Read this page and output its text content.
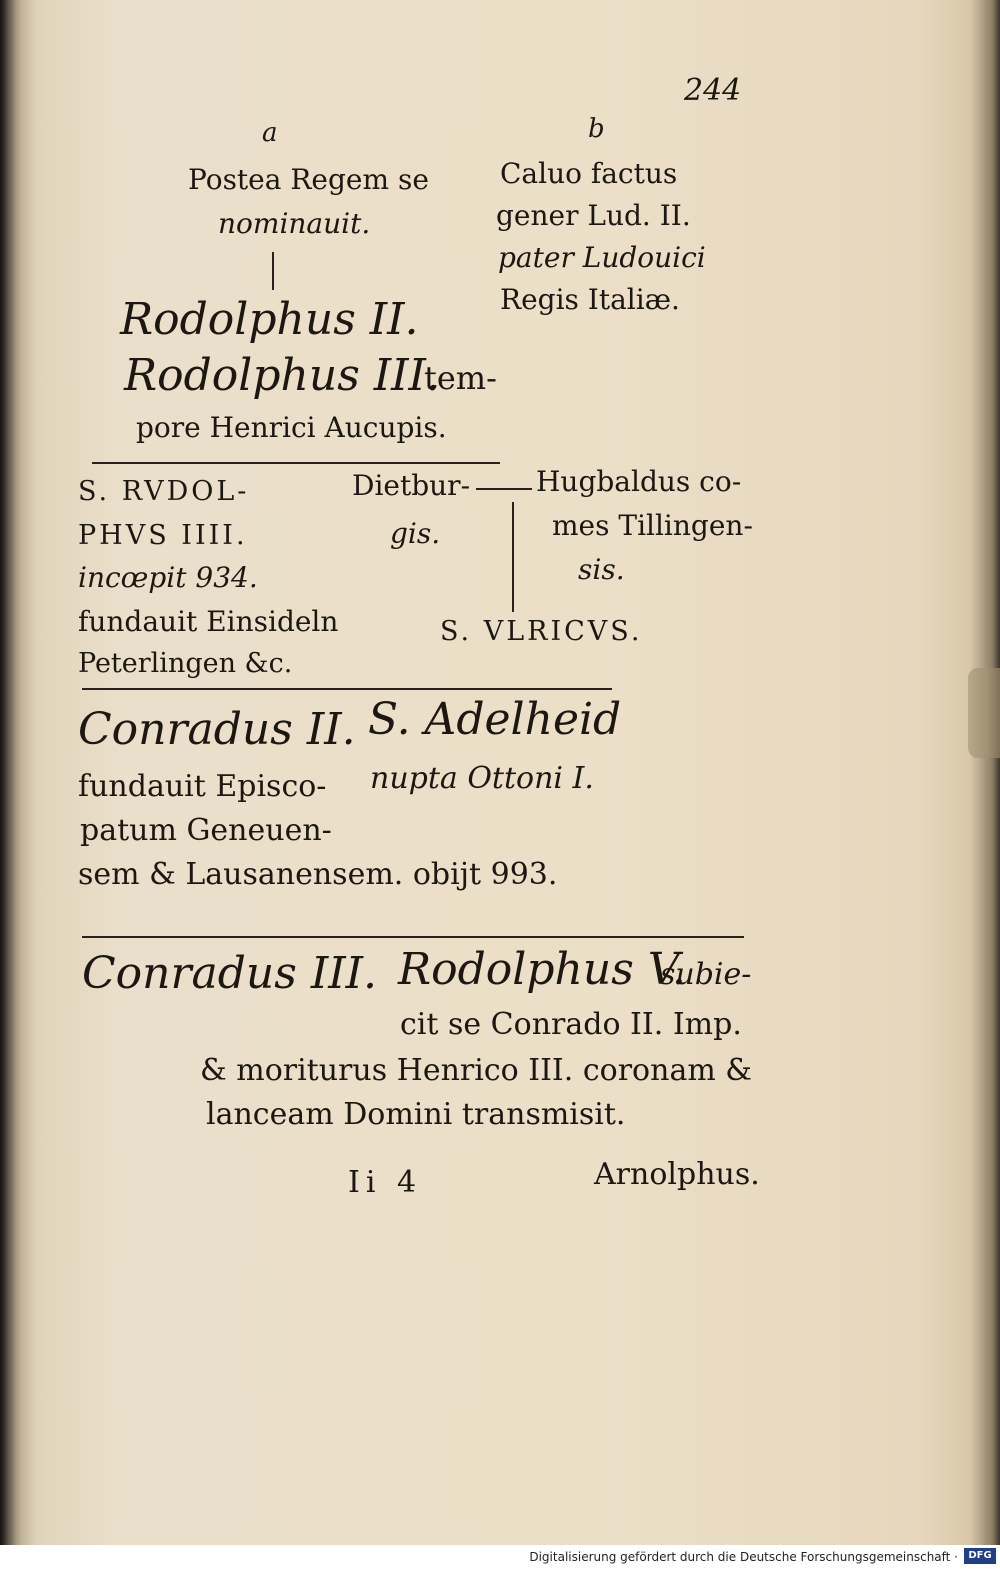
244
a	b
Postea Regem se
nominauit.
Caluo factus
gener Lud. II.
pater Ludouici
Regis Italiæ.
Rodolphus II.
Rodolphus III.
tem-
pore Henrici Aucupis.
S. RVDOL-
PHVS IIII.
incœpit 934.
fundauit Einsideln
Peterlingen &c.
Dietbur-
gis.
Hugbaldus co-
mes Tillingen-
sis.
S. VLRICVS.
Conradus II. S. Adelheid
fundauit Episco-
patum Geneuen-
sem & Lausanensem. obijt 993.
nupta Ottoni I.
Conradus III. Rodolphus V.
subie-
cit se Conrado II. Imp.
& moriturus Henrico III. coronam &
lanceam Domini transmisit.
Ii 4	Arnolphus.
Digitalisierung gefördert durch die Deutsche Forschungsgemeinschaft ·	DFG
